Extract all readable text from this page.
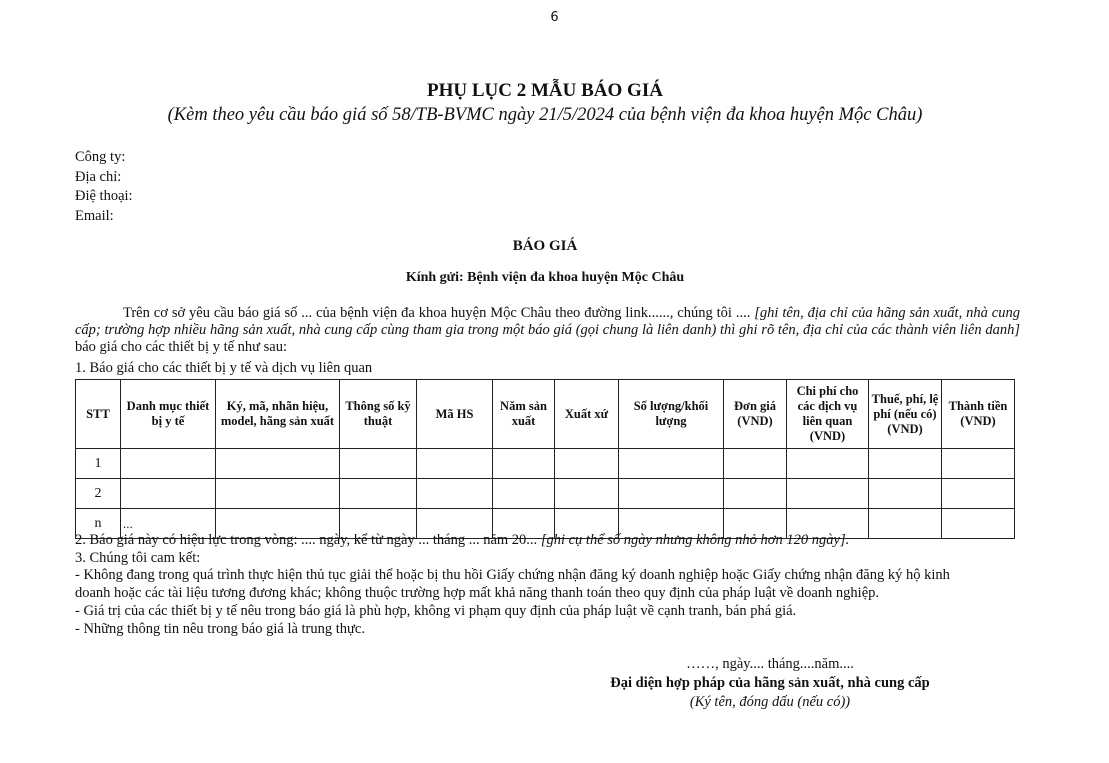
6
PHỤ LỤC 2 MẪU BÁO GIÁ
(Kèm theo yêu cầu báo giá số 58/TB-BVMC ngày 21/5/2024 của bệnh viện đa khoa huyện Mộc Châu)
Công ty:
Địa chỉ:
Điệ thoại:
Email:
BÁO GIÁ
Kính gửi: Bệnh viện đa khoa huyện Mộc Châu
Trên cơ sở yêu cầu báo giá số ... của bệnh viện đa khoa huyện Mộc Châu theo đường link......, chúng tôi .... [ghi tên, địa chỉ của hãng sản xuất, nhà cung cấp; trường hợp nhiều hãng sản xuất, nhà cung cấp cùng tham gia trong một báo giá (gọi chung là liên danh) thì ghi rõ tên, địa chỉ của các thành viên liên danh] báo giá cho các thiết bị y tế như sau:
1. Báo giá cho các thiết bị y tế và dịch vụ liên quan
STT	Danh mục thiết bị y tế	Ký, mã, nhãn hiệu, model, hãng sản xuất	Thông số kỹ thuật	Mã HS	Năm sản xuất	Xuất xứ	Số lượng/khối lượng	Đơn giá (VND)	Chi phí cho các dịch vụ liên quan (VND)	Thuế, phí, lệ phí (nếu có) (VND)	Thành tiền (VND)
1											
2											
n	...										
2. Báo giá này có hiệu lực trong vòng: .... ngày, kể từ ngày ... tháng ... năm 20... [ghi cụ thể số ngày nhưng không nhỏ hơn 120 ngày].
3. Chúng tôi cam kết:
- Không đang trong quá trình thực hiện thủ tục giải thể hoặc bị thu hồi Giấy chứng nhận đăng ký doanh nghiệp hoặc Giấy chứng nhận đăng ký hộ kinh
doanh hoặc các tài liệu tương đương khác; không thuộc trường hợp mất khả năng thanh toán theo quy định của pháp luật về doanh nghiệp.
- Giá trị của các thiết bị y tế nêu trong báo giá là phù hợp, không vi phạm quy định của pháp luật về cạnh tranh, bán phá giá.
- Những thông tin nêu trong báo giá là trung thực.
……, ngày.... tháng....năm....
Đại diện hợp pháp của hãng sản xuất, nhà cung cấp
(Ký tên, đóng dấu (nếu có))
